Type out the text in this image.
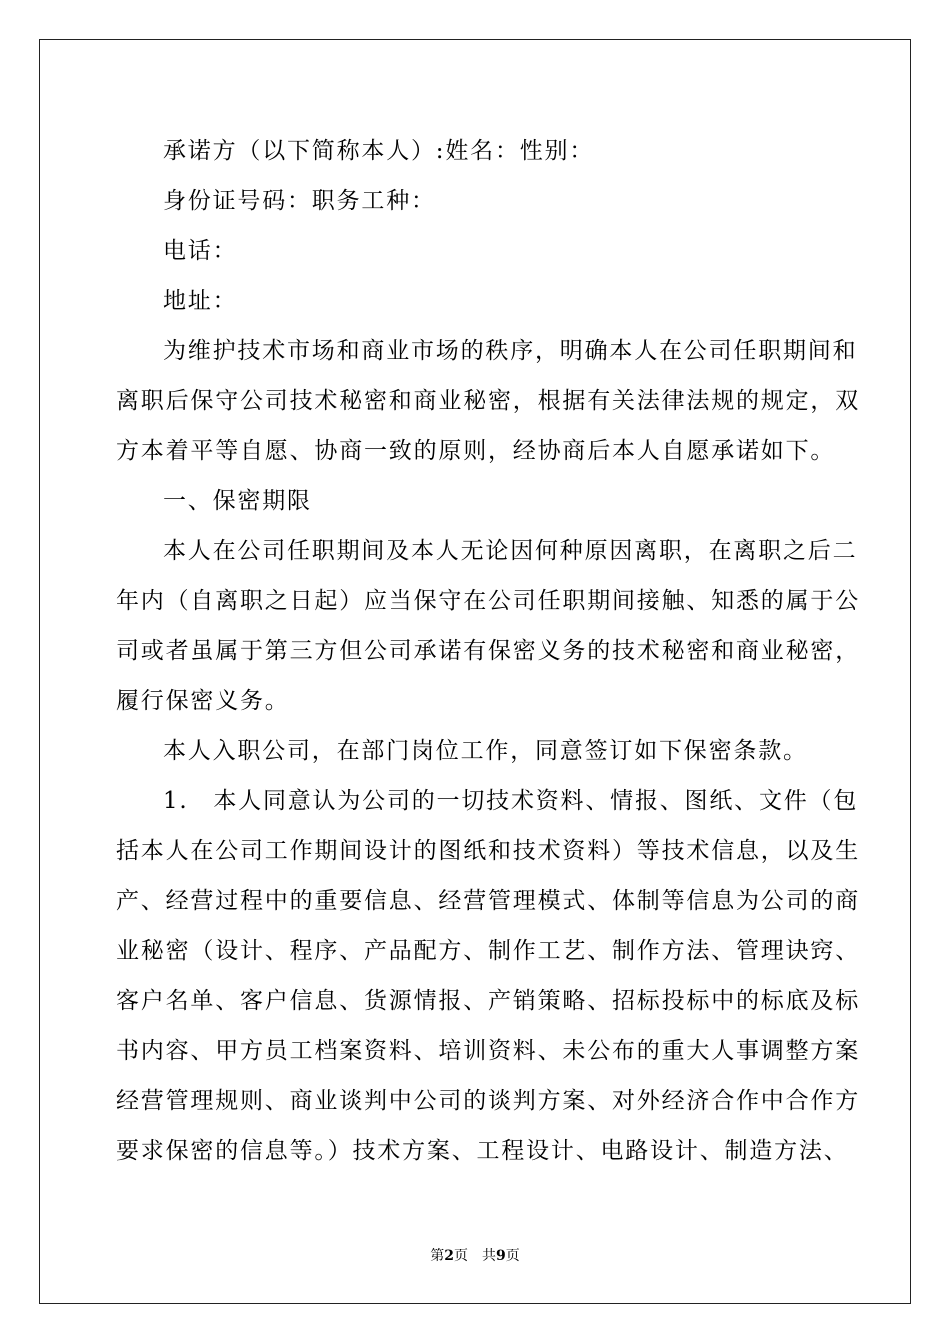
承诺方（以下简称本人）:姓名：性别：
身份证号码：职务工种：
电话：
地址：
为维护技术市场和商业市场的秩序，明确本人在公司任职期间和
离职后保守公司技术秘密和商业秘密，根据有关法律法规的规定，双
方本着平等自愿、协商一致的原则，经协商后本人自愿承诺如下。
一、保密期限
本人在公司任职期间及本人无论因何种原因离职，在离职之后二
年内（自离职之日起）应当保守在公司任职期间接触、知悉的属于公
司或者虽属于第三方但公司承诺有保密义务的技术秘密和商业秘密，
履行保密义务。
本人入职公司，在部门岗位工作，同意签订如下保密条款。
1.　本人同意认为公司的一切技术资料、情报、图纸、文件（包
括本人在公司工作期间设计的图纸和技术资料）等技术信息，以及生
产、经营过程中的重要信息、经营管理模式、体制等信息为公司的商
业秘密（设计、程序、产品配方、制作工艺、制作方法、管理诀窍、
客户名单、客户信息、货源情报、产销策略、招标投标中的标底及标
书内容、甲方员工档案资料、培训资料、未公布的重大人事调整方案
经营管理规则、商业谈判中公司的谈判方案、对外经济合作中合作方
要求保密的信息等。）技术方案、工程设计、电路设计、制造方法、
第2页 共9页
